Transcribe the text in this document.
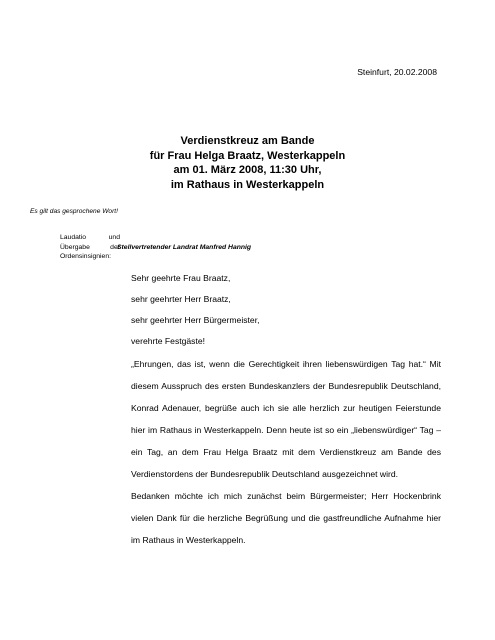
Steinfurt, 20.02.2008
Verdienstkreuz am Bande
für Frau Helga Braatz, Westerkappeln
am 01. März 2008, 11:30 Uhr,
im Rathaus in Westerkappeln
Es gilt das gesprochene Wort!
Laudatio	und
Übergabe	der
Ordensinsignien:
Stellvertretender Landrat Manfred Hannig
Sehr geehrte Frau Braatz,
sehr geehrter Herr Braatz,
sehr geehrter Herr Bürgermeister,
verehrte Festgäste!
„Ehrungen, das ist, wenn die Gerechtigkeit ihren liebenswürdigen Tag hat.“ Mit diesem Ausspruch des ersten Bundeskanzlers der Bundesrepublik Deutschland, Konrad Adenauer, begrüße auch ich sie alle herzlich zur heutigen Feierstunde hier im Rathaus in Westerkappeln. Denn heute ist so ein „liebenswürdiger“ Tag – ein Tag, an dem Frau Helga Braatz mit dem Verdienstkreuz am Bande des Verdienstordens der Bundesrepublik Deutschland ausgezeichnet wird.
Bedanken möchte ich mich zunächst beim Bürgermeister; Herr Hockenbrink vielen Dank für die herzliche Begrüßung und die gastfreundliche Aufnahme hier im Rathaus in Westerkappeln.
